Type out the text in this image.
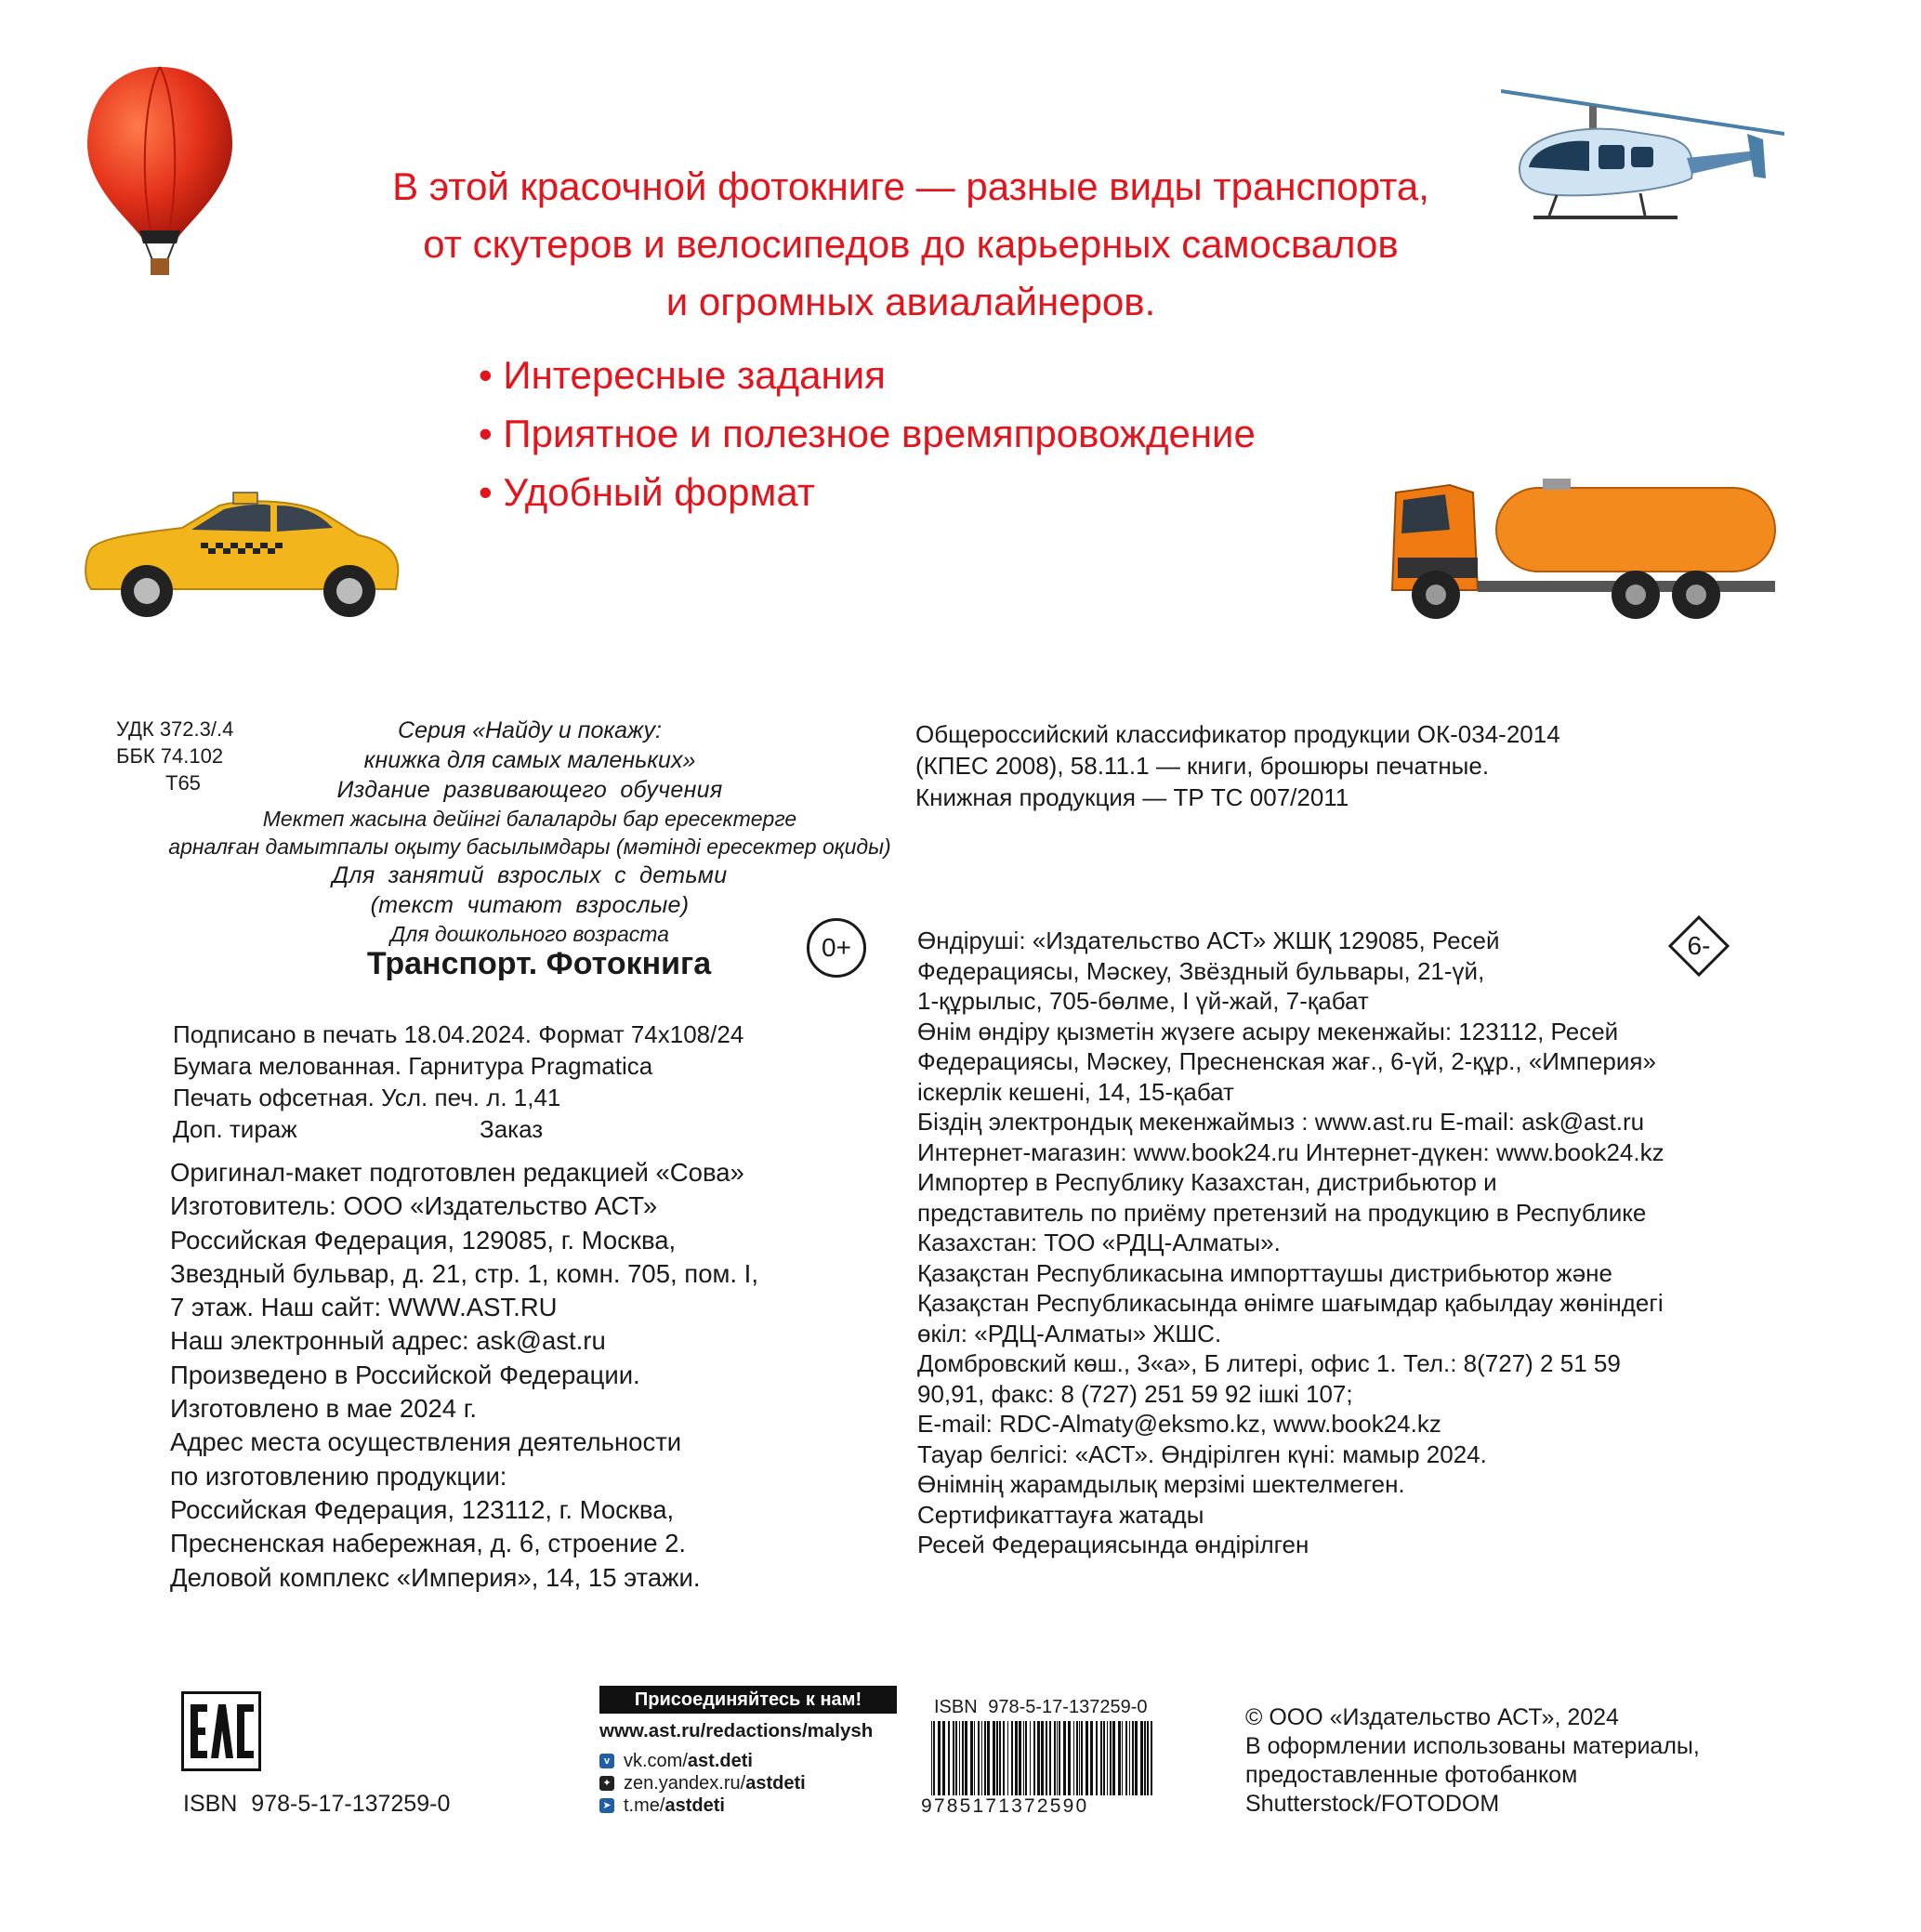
В этой красочной фотокниге — разные виды транспорта,
от скутеров и велосипедов до карьерных самосвалов
и огромных авиалайнеров.
• Интересные задания
• Приятное и полезное времяпровождение
• Удобный формат
УДК 372.3/.4
ББК 74.102
Т65
Серия «Найду и покажу:
книжка для самых маленьких»
Издание развивающего обучения
Мектеп жасына дейінгі балаларды бар ересектерге
арналған дамытпалы оқыту басылымдары (мәтінді ересектер оқиды)
Для занятий взрослых с детьми
(текст читают взрослые)
Для дошкольного возраста
Транспорт. Фотокнига	0+
Общероссийский классификатор продукции ОК-034-2014
(КПЕС 2008), 58.11.1 — книги, брошюры печатные.
Книжная продукция — ТР ТС 007/2011
6-
Подписано в печать 18.04.2024. Формат 74х108/24
Бумага мелованная. Гарнитура Pragmatica
Печать офсетная. Усл. печ. л. 1,41
Доп. тираж	Заказ
Оригинал-макет подготовлен редакцией «Сова»
Изготовитель: ООО «Издательство АСТ»
Российская Федерация, 129085, г. Москва,
Звездный бульвар, д. 21, стр. 1, комн. 705, пом. I,
7 этаж. Наш сайт: WWW.AST.RU
Наш электронный адрес: ask@ast.ru
Произведено в Российской Федерации.
Изготовлено в мае 2024 г.
Адрес места осуществления деятельности
по изготовлению продукции:
Российская Федерация, 123112, г. Москва,
Пресненская набережная, д. 6, строение 2.
Деловой комплекс «Империя», 14, 15 этажи.
Өндіруші: «Издательство АСТ» ЖШҚ 129085, Ресей
Федерациясы, Мәскеу, Звёздный бульвары, 21-үй,
1-құрылыс, 705-бөлме, I үй-жай, 7-қабат
Өнім өндіру қызметін жүзеге асыру мекенжайы: 123112, Ресей
Федерациясы, Мәскеу, Пресненская жағ., 6-үй, 2-құр., «Империя»
іскерлік кешені, 14, 15-қабат
Біздің электрондық мекенжаймыз : www.ast.ru E-mail: ask@ast.ru
Интернет-магазин: www.book24.ru Интернет-дүкен: www.book24.kz
Импортер в Республику Казахстан, дистрибьютор и
представитель по приёму претензий на продукцию в Республике
Казахстан: ТОО «РДЦ-Алматы».
Қазақстан Республикасына импорттаушы дистрибьютор және
Қазақстан Республикасында өнімге шағымдар қабылдау жөніндегі
өкіл: «РДЦ-Алматы» ЖШС.
Домбровский көш., 3«а», Б литері, офис 1. Тел.: 8(727) 2 51 59
90,91, факс: 8 (727) 251 59 92 ішкі 107;
E-mail: RDC-Almaty@eksmo.kz, www.book24.kz
Тауар белгісі: «АСТ». Өндірілген күні: мамыр 2024.
Өнімнің жарамдылық мерзімі шектелмеген.
Сертификаттауға жатады
Ресей Федерациясында өндірілген
ISBN 978-5-17-137259-0
Присоединяйтесь к нам!
www.ast.ru/redactions/malysh
v vk.com/ ast.deti
✦ zen.yandex.ru/ astdeti
➤ t.me/ astdeti
ISBN 978-5-17-137259-0
9785171372590
© ООО «Издательство АСТ», 2024
В оформлении использованы материалы,
предоставленные фотобанком
Shutterstock/FOTODOM
